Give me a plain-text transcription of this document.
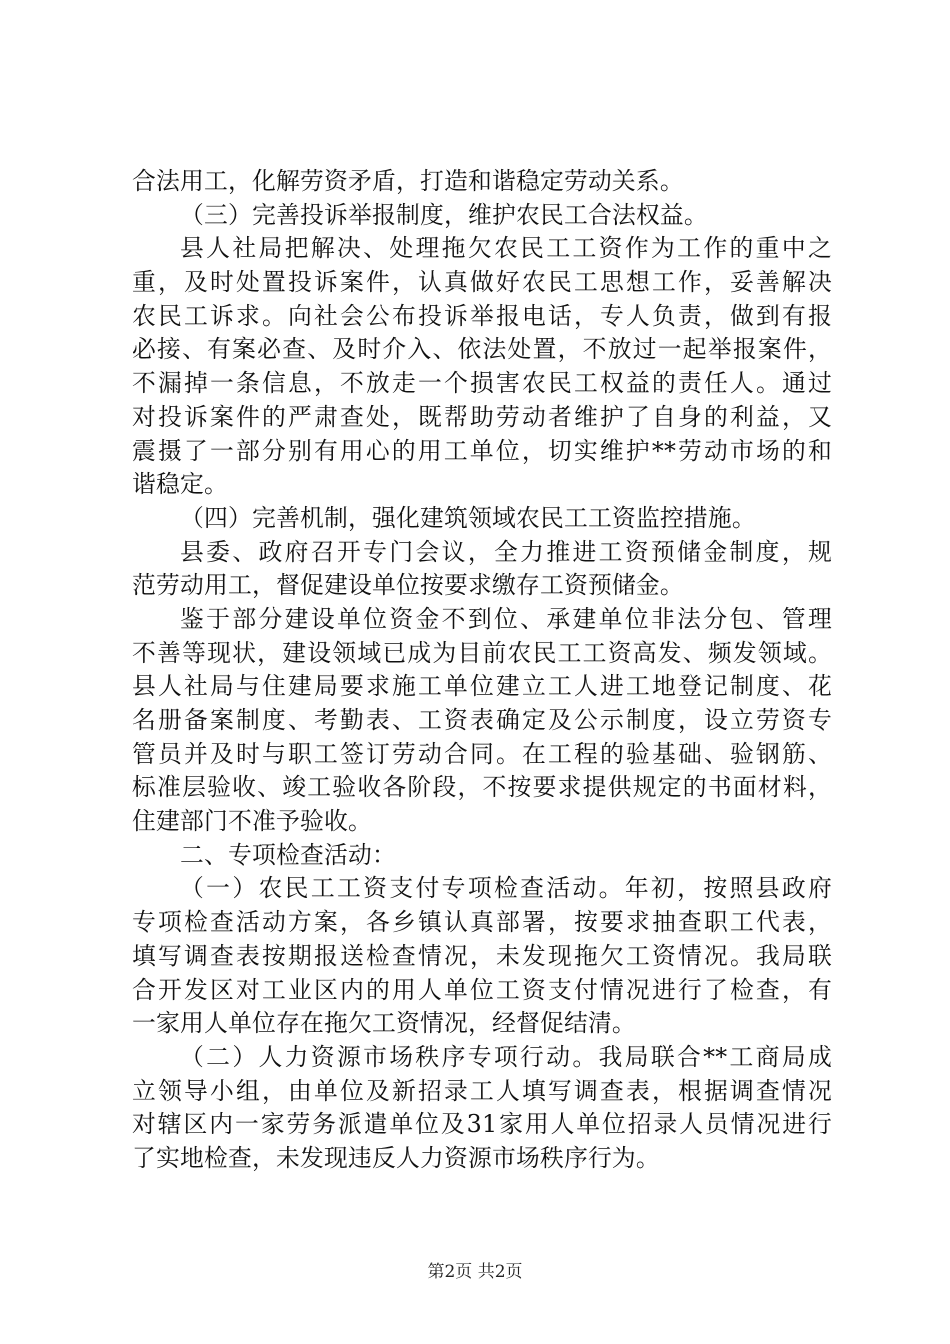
合法用工，化解劳资矛盾，打造和谐稳定劳动关系。
（三）完善投诉举报制度，维护农民工合法权益。
县人社局把解决、处理拖欠农民工工资作为工作的重中之
重，及时处置投诉案件，认真做好农民工思想工作，妥善解决
农民工诉求。向社会公布投诉举报电话，专人负责，做到有报
必接、有案必查、及时介入、依法处置，不放过一起举报案件，
不漏掉一条信息，不放走一个损害农民工权益的责任人。通过
对投诉案件的严肃查处，既帮助劳动者维护了自身的利益，又
震摄了一部分别有用心的用工单位，切实维护**劳动市场的和
谐稳定。
（四）完善机制，强化建筑领域农民工工资监控措施。
县委、政府召开专门会议，全力推进工资预储金制度，规
范劳动用工，督促建设单位按要求缴存工资预储金。
鉴于部分建设单位资金不到位、承建单位非法分包、管理
不善等现状，建设领域已成为目前农民工工资高发、频发领域。
县人社局与住建局要求施工单位建立工人进工地登记制度、花
名册备案制度、考勤表、工资表确定及公示制度，设立劳资专
管员并及时与职工签订劳动合同。在工程的验基础、验钢筋、
标准层验收、竣工验收各阶段，不按要求提供规定的书面材料，
住建部门不准予验收。
二、专项检查活动：
（一）农民工工资支付专项检查活动。年初，按照县政府
专项检查活动方案，各乡镇认真部署，按要求抽查职工代表，
填写调查表按期报送检查情况，未发现拖欠工资情况。我局联
合开发区对工业区内的用人单位工资支付情况进行了检查，有
一家用人单位存在拖欠工资情况，经督促结清。
（二）人力资源市场秩序专项行动。我局联合**工商局成
立领导小组，由单位及新招录工人填写调查表，根据调查情况
对辖区内一家劳务派遣单位及31家用人单位招录人员情况进行
了实地检查，未发现违反人力资源市场秩序行为。
第2页 共2页
